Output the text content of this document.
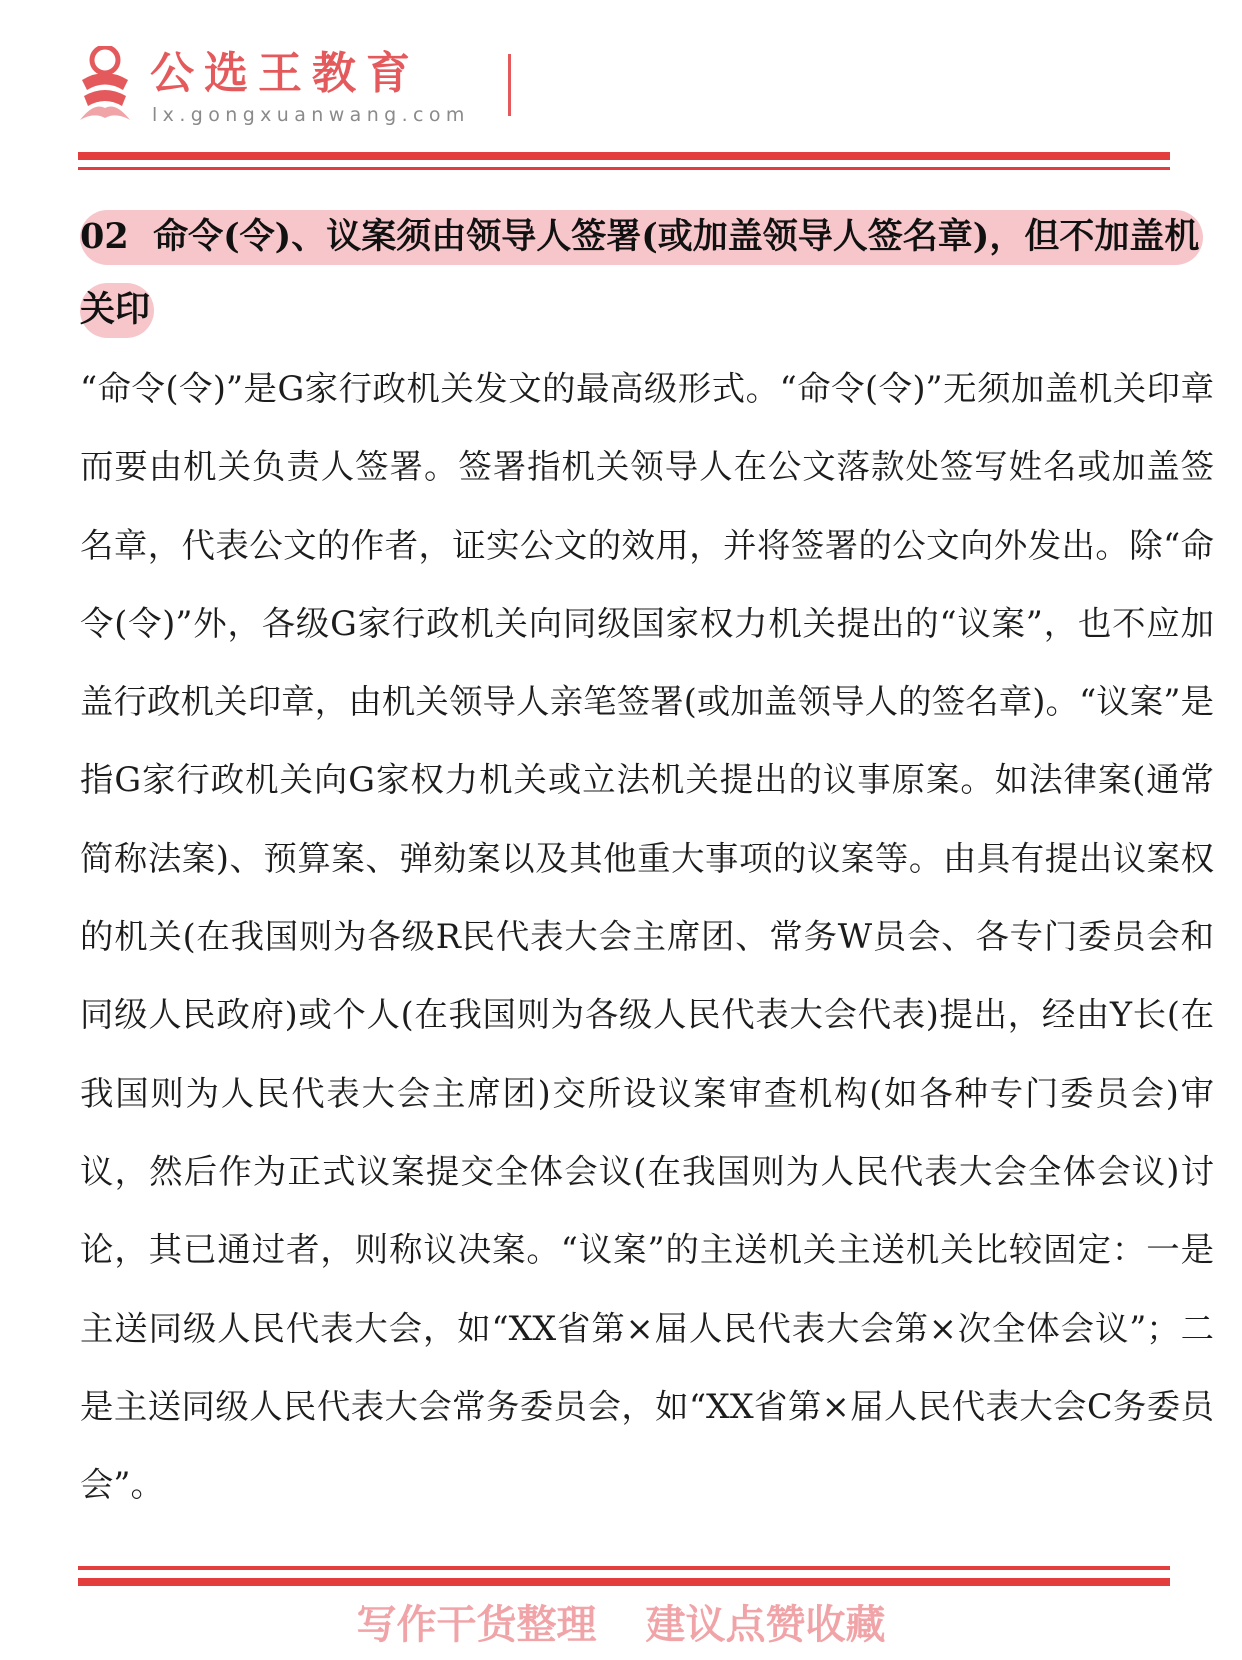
公选王教育
lx.gongxuanwang.com
02 命令(令)、议案须由领导人签署(或加盖领导人签名章)，但不加盖机关印
“命令(令)”是G家行政机关发文的最高级形式。“命令(令)”无须加盖机关印章而要由机关负责人签署。签署指机关领导人在公文落款处签写姓名或加盖签名章，代表公文的作者，证实公文的效用，并将签署的公文向外发出。除“命令(令)”外，各级G家行政机关向同级国家权力机关提出的“议案”，也不应加盖行政机关印章，由机关领导人亲笔签署(或加盖领导人的签名章)。“议案”是指G家行政机关向G家权力机关或立法机关提出的议事原案。如法律案(通常简称法案)、预算案、弹劾案以及其他重大事项的议案等。由具有提出议案权的机关(在我国则为各级R民代表大会主席团、常务W员会、各专门委员会和同级人民政府)或个人(在我国则为各级人民代表大会代表)提出，经由Y长(在我国则为人民代表大会主席团)交所设议案审查机构(如各种专门委员会)审议，然后作为正式议案提交全体会议(在我国则为人民代表大会全体会议)讨论，其已通过者，则称议决案。“议案”的主送机关主送机关比较固定：一是主送同级人民代表大会，如“XX省第×届人民代表大会第×次全体会议”；二是主送同级人民代表大会常务委员会，如“XX省第×届人民代表大会C务委员会”。
写作干货整理 建议点赞收藏
